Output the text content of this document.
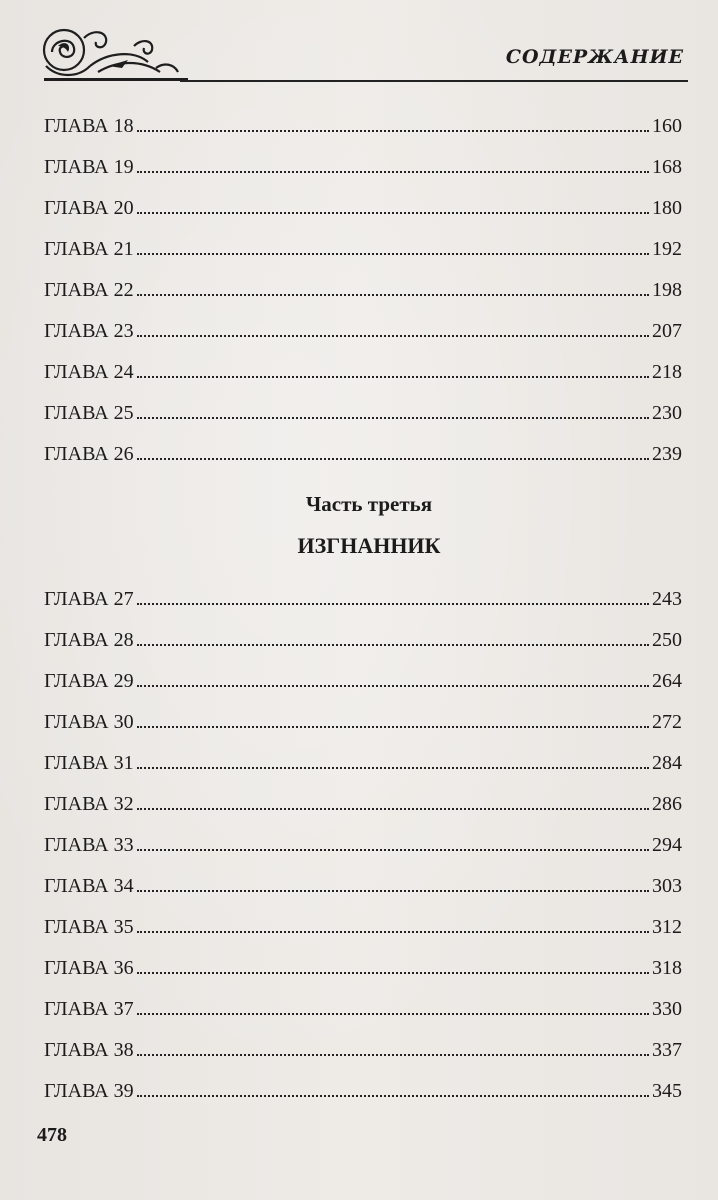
СОДЕРЖАНИЕ
ГЛАВА 18	160
ГЛАВА 19	168
ГЛАВА 20	180
ГЛАВА 21	192
ГЛАВА 22	198
ГЛАВА 23	207
ГЛАВА 24	218
ГЛАВА 25	230
ГЛАВА 26	239
Часть третья
ИЗГНАННИК
ГЛАВА 27	243
ГЛАВА 28	250
ГЛАВА 29	264
ГЛАВА 30	272
ГЛАВА 31	284
ГЛАВА 32	286
ГЛАВА 33	294
ГЛАВА 34	303
ГЛАВА 35	312
ГЛАВА 36	318
ГЛАВА 37	330
ГЛАВА 38	337
ГЛАВА 39	345
478
